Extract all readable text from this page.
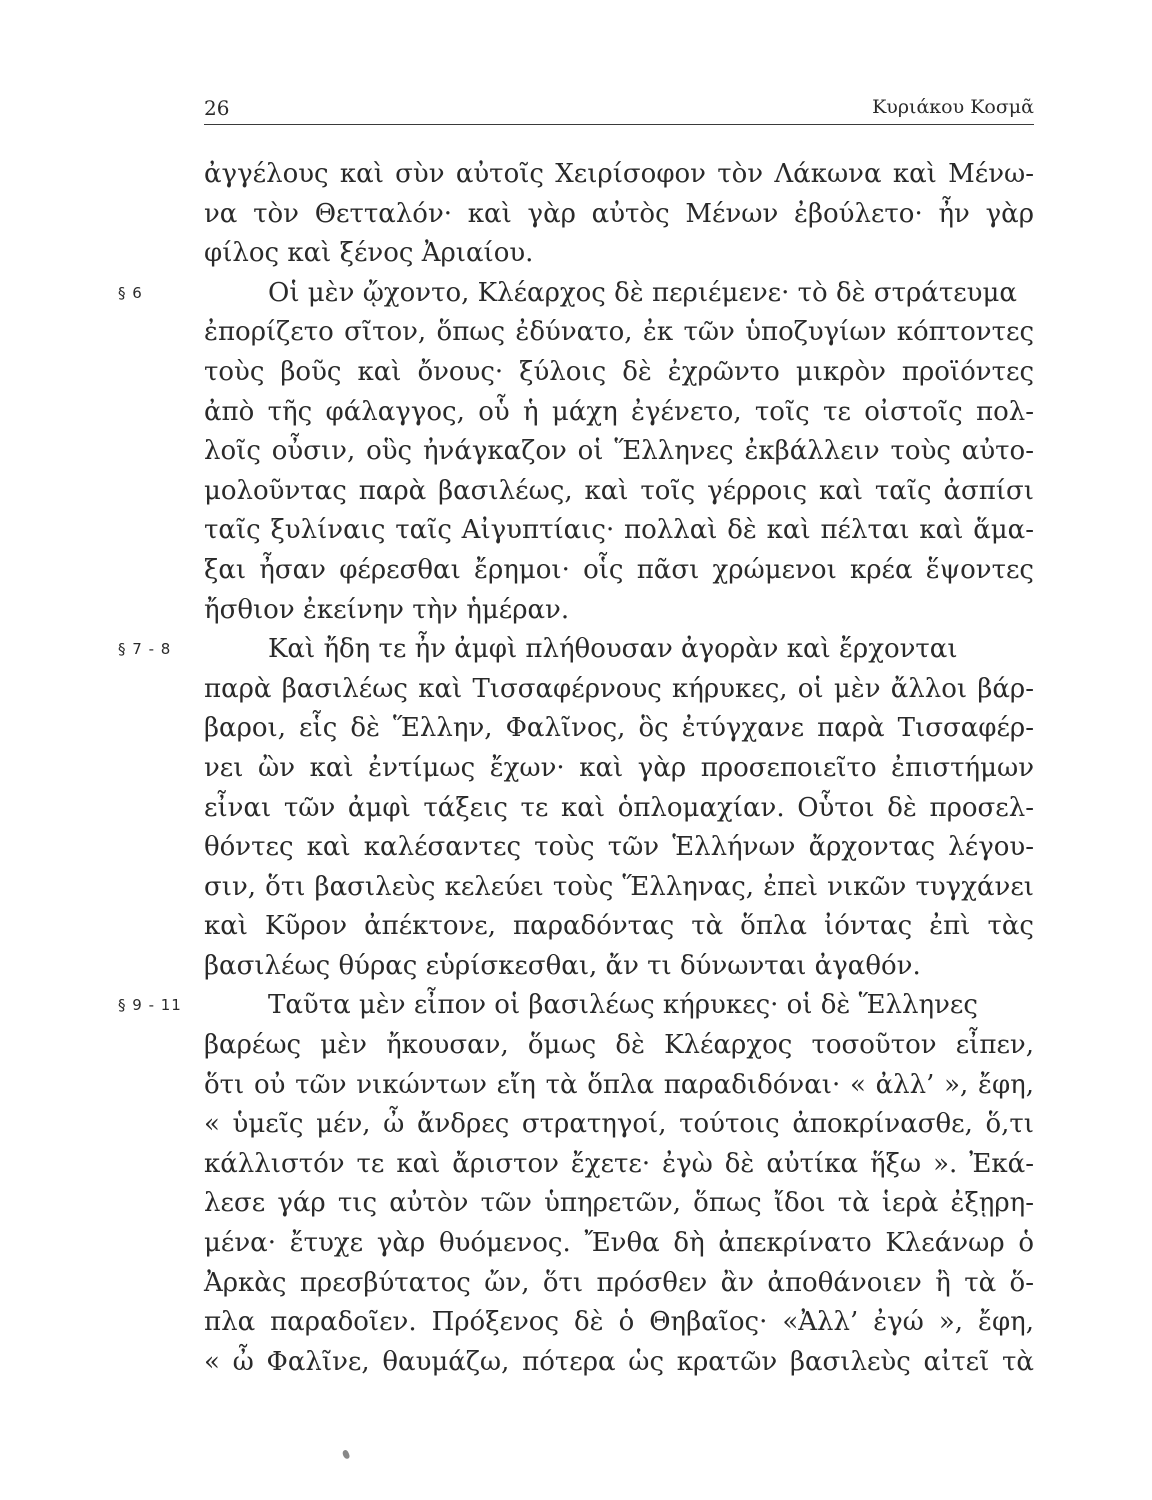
26	Κυριάκου Κοσμᾶ
ἀγγέλους καὶ σὺν αὐτοῖς Χειρίσοφον τὸν Λάκωνα καὶ Μένω-
να τὸν Θετταλόν· καὶ γὰρ αὐτὸς Μένων ἐβούλετο· ἦν γὰρ
φίλος καὶ ξένος Ἀριαίου.
§ 6	Οἱ μὲν ᾤχοντο, Κλέαρχος δὲ περιέμενε· τὸ δὲ στράτευμα
ἐπορίζετο σῖτον, ὅπως ἐδύνατο, ἐκ τῶν ὑποζυγίων κόπτοντες
τοὺς βοῦς καὶ ὄνους· ξύλοις δὲ ἐχρῶντο μικρὸν προϊόντες
ἀπὸ τῆς φάλαγγος, οὗ ἡ μάχη ἐγένετο, τοῖς τε οἰστοῖς πολ-
λοῖς οὖσιν, οὓς ἠνάγκαζον οἱ Ἕλληνες ἐκβάλλειν τοὺς αὐτο-
μολοῦντας παρὰ βασιλέως, καὶ τοῖς γέρροις καὶ ταῖς ἀσπίσι
ταῖς ξυλίναις ταῖς Αἰγυπτίαις· πολλαὶ δὲ καὶ πέλται καὶ ἅμα-
ξαι ἦσαν φέρεσθαι ἔρημοι· οἷς πᾶσι χρώμενοι κρέα ἕψοντες
ἤσθιον ἐκείνην τὴν ἡμέραν.
§ 7 - 8	Καὶ ἤδη τε ἦν ἀμφὶ πλήθουσαν ἀγορὰν καὶ ἔρχονται
παρὰ βασιλέως καὶ Τισσαφέρνους κήρυκες, οἱ μὲν ἄλλοι βάρ-
βαροι, εἷς δὲ Ἕλλην, Φαλῖνος, ὃς ἐτύγχανε παρὰ Τισσαφέρ-
νει ὢν καὶ ἐντίμως ἔχων· καὶ γὰρ προσεποιεῖτο ἐπιστήμων
εἶναι τῶν ἀμφὶ τάξεις τε καὶ ὁπλομαχίαν. Οὗτοι δὲ προσελ-
θόντες καὶ καλέσαντες τοὺς τῶν Ἑλλήνων ἄρχοντας λέγου-
σιν, ὅτι βασιλεὺς κελεύει τοὺς Ἕλληνας, ἐπεὶ νικῶν τυγχάνει
καὶ Κῦρον ἀπέκτονε, παραδόντας τὰ ὅπλα ἰόντας ἐπὶ τὰς
βασιλέως θύρας εὑρίσκεσθαι, ἄν τι δύνωνται ἀγαθόν.
§ 9 - 11	Ταῦτα μὲν εἶπον οἱ βασιλέως κήρυκες· οἱ δὲ Ἕλληνες
βαρέως μὲν ἤκουσαν, ὅμως δὲ Κλέαρχος τοσοῦτον εἶπεν,
ὅτι οὐ τῶν νικώντων εἴη τὰ ὅπλα παραδιδόναι· « ἀλλ’ », ἔφη,
« ὑμεῖς μέν, ὦ ἄνδρες στρατηγοί, τούτοις ἀποκρίνασθε, ὅ,τι
κάλλιστόν τε καὶ ἄριστον ἔχετε· ἐγὼ δὲ αὐτίκα ἥξω ». Ἐκά-
λεσε γάρ τις αὐτὸν τῶν ὑπηρετῶν, ὅπως ἴδοι τὰ ἱερὰ ἐξῃρη-
μένα· ἔτυχε γὰρ θυόμενος. Ἔνθα δὴ ἀπεκρίνατο Κλεάνωρ ὁ
Ἀρκὰς πρεσβύτατος ὤν, ὅτι πρόσθεν ἂν ἀποθάνοιεν ἢ τὰ ὅ-
πλα παραδοῖεν. Πρόξενος δὲ ὁ Θηβαῖος· «Ἀλλ’ ἐγώ », ἔφη,
« ὦ Φαλῖνε, θαυμάζω, πότερα ὡς κρατῶν βασιλεὺς αἰτεῖ τὰ
